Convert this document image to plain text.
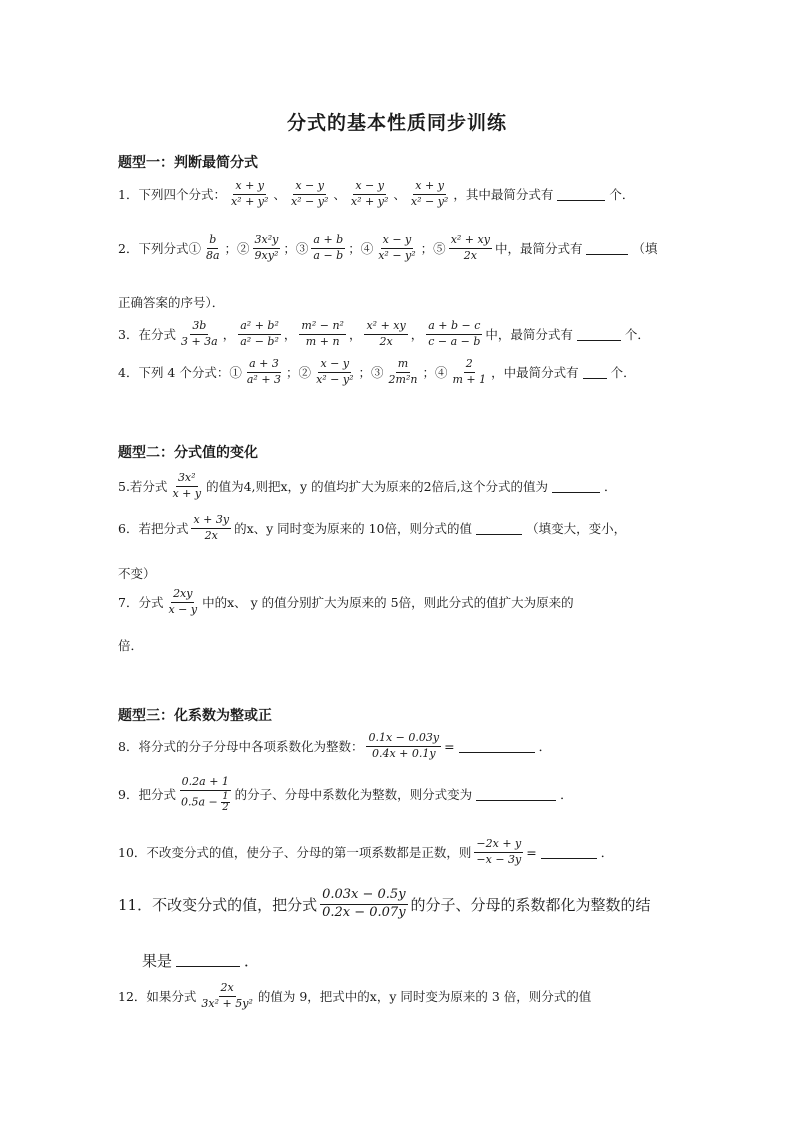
分式的基本性质同步训练
题型一：判断最简分式
1．下列四个分式： $\frac{x + y}{\text{x² + y²}}$ 、 $\frac{x - y}{\text{x² − y²}}$ 、 $\frac{x - y}{\text{x² + y²}}$ 、 $\frac{x + y}{\text{x² − y²}}$ ，其中最简分式有	个．
2．下列分式① $\frac{b}{8a}$ ；② $\frac{\text{3x²y}}{\text{9xy²}}$ ；③ $\frac{a + b}{a - b}$ ；④ $\frac{x - y}{\text{x² − y²}}$ ；⑤ $\frac{\text{x² + xy}}{2x}$ 中，最简分式有	（填
正确答案的序号）．
3．在分式 $\frac{3b}{3 + 3a}$ ， $\frac{\text{a² + b²}}{\text{a² − b²}}$ ， $\frac{\text{m² − n²}}{m + n}$ ， $\frac{\text{x² + xy}}{2x}$ ， $\frac{a + b - c}{c - a - b}$ 中，最简分式有	个．
4．下列 4 个分式：① $\frac{a + 3}{\text{a² + 3}}$ ；② $\frac{x - y}{\text{x² − y²}}$ ；③ $\frac{m}{\text{2m²n}}$ ；④ $\frac{2}{m + 1}$ ，中最简分式有	个．
题型二：分式值的变化
5.若分式 $\frac{\text{3x²}}{x + y}$ 的值为4,则把x，y 的值均扩大为原来的2倍后,这个分式的值为	．
6．若把分式 $\frac{x + 3y}{2x}$ 的x、y 同时变为原来的 10倍，则分式的值	（填变大，变小，
不变）
7．分式 $\frac{2xy}{x - y}$ 中的x、 y 的值分别扩大为原来的 5倍，则此分式的值扩大为原来的
倍．
题型三：化系数为整或正
8．将分式的分子分母中各项系数化为整数： $\frac{0.1x - 0.03y}{0.4x + 0.1y}$ =	．
9．把分式 $\frac{0.2a + 1}{0.5a - \frac{1}{2}}$ 的分子、分母中系数化为整数，则分式变为	．
10．不改变分式的值，使分子、分母的第一项系数都是正数，则 $\frac{-2x + y}{-x - 3y}$ =	．
11．不改变分式的值，把分式 $\frac{0.03x - 0.5y}{0.2x - 0.07y}$ 的分子、分母的系数都化为整数的结
果是	．
12．如果分式 $\frac{2x}{\text{3x² + 5y²}}$ 的值为 9，把式中的x，y 同时变为原来的 3 倍，则分式的值
